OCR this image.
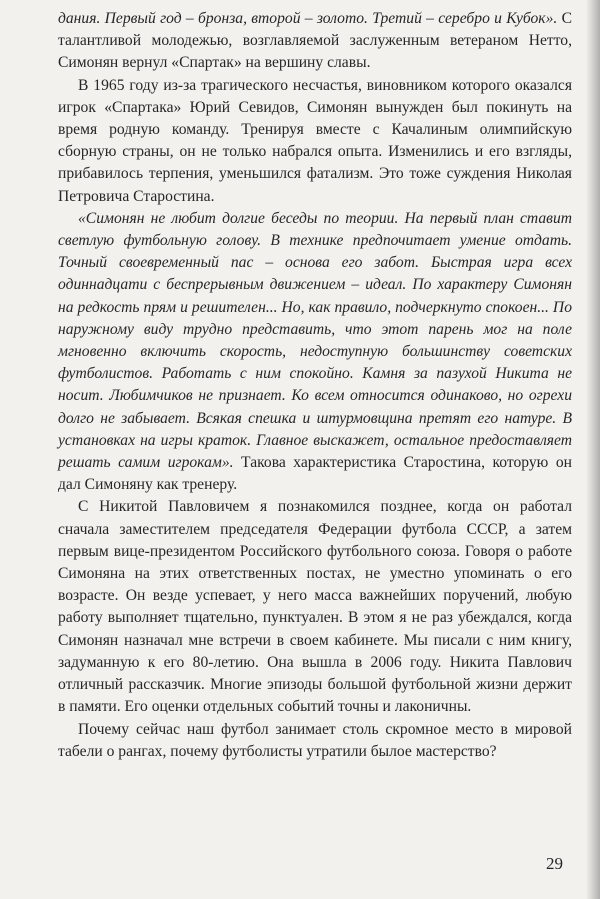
дания. Первый год – бронза, второй – золото. Третий – серебро и Кубок». С талантливой молодежью, возглавляемой заслуженным ветераном Нетто, Симонян вернул «Спартак» на вершину славы.

В 1965 году из-за трагического несчастья, виновником которого оказался игрок «Спартака» Юрий Севидов, Симонян вынужден был покинуть на время родную команду. Тренируя вместе с Качалиным олимпийскую сборную страны, он не только набрался опыта. Изменились и его взгляды, прибавилось терпения, уменьшился фатализм. Это тоже суждения Николая Петровича Старостина.

«Симонян не любит долгие беседы по теории. На первый план ставит светлую футбольную голову. В технике предпочитает умение отдать. Точный своевременный пас – основа его забот. Быстрая игра всех одиннадцати с беспрерывным движением – идеал. По характеру Симонян на редкость прям и решителен... Но, как правило, подчеркнуто спокоен... По наружному виду трудно представить, что этот парень мог на поле мгновенно включить скорость, недоступную большинству советских футболистов. Работать с ним спокойно. Камня за пазухой Никита не носит. Любимчиков не признает. Ко всем относится одинаково, но огрехи долго не забывает. Всякая спешка и штурмовщина претят его натуре. В установках на игры краток. Главное выскажет, остальное предоставляет решать самим игрокам». Такова характеристика Старостина, которую он дал Симоняну как тренеру.

С Никитой Павловичем я познакомился позднее, когда он работал сначала заместителем председателя Федерации футбола СССР, а затем первым вице-президентом Российского футбольного союза. Говоря о работе Симоняна на этих ответственных постах, не уместно упоминать о его возрасте. Он везде успевает, у него масса важнейших поручений, любую работу выполняет тщательно, пунктуален. В этом я не раз убеждался, когда Симонян назначал мне встречи в своем кабинете. Мы писали с ним книгу, задуманную к его 80-летию. Она вышла в 2006 году. Никита Павлович отличный рассказчик. Многие эпизоды большой футбольной жизни держит в памяти. Его оценки отдельных событий точны и лаконичны.

Почему сейчас наш футбол занимает столь скромное место в мировой табели о рангах, почему футболисты утратили былое мастерство?

29
